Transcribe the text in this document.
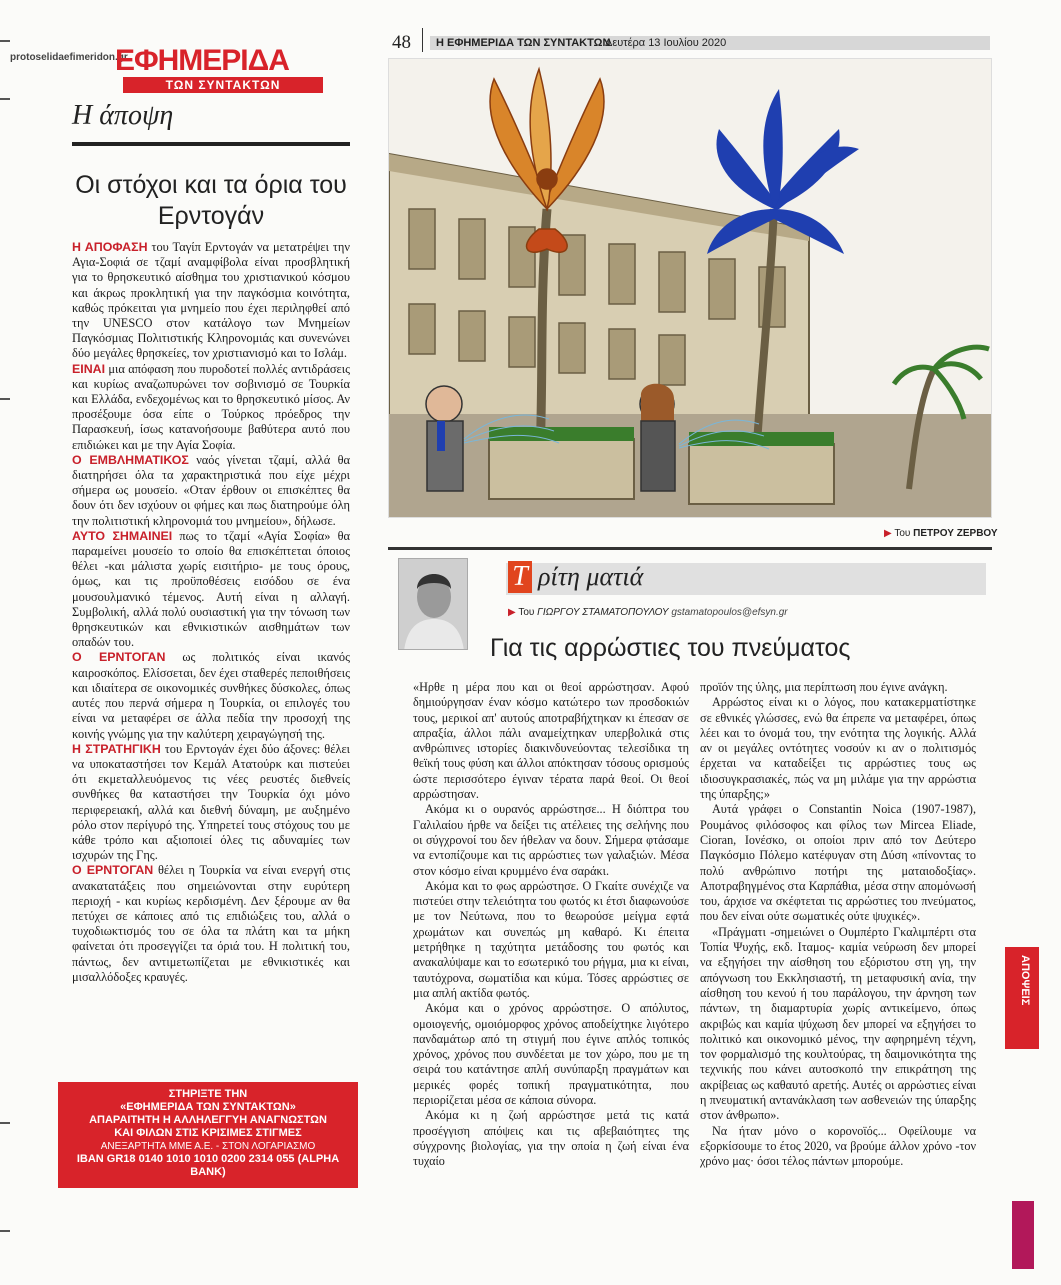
protoselidaefimeridon.gr
ΕΦΗΜΕΡΙΔΑ
ΤΩΝ ΣΥΝΤΑΚΤΩΝ
Η άποψη
Οι στόχοι και τα όρια του Ερντογάν

Η ΑΠΟΦΑΣΗ του Ταγίπ Ερντογάν να μετατρέψει την Αγια-Σοφιά σε τζαμί αναμφίβολα είναι προσβλητική για το θρησκευτικό αίσθημα του χριστιανικού κόσμου και άκρως προκλητική για την παγκόσμια κοινότητα, καθώς πρόκειται για μνημείο που έχει περιληφθεί από την UNESCO στον κατάλογο των Μνημείων Παγκόσμιας Πολιτιστικής Κληρονομιάς και συνενώνει δύο μεγάλες θρησκείες, τον χριστιανισμό και το Ισλάμ.

ΕΙΝΑΙ μια απόφαση που πυροδοτεί πολλές αντιδράσεις και κυρίως αναζωπυρώνει τον σοβινισμό σε Τουρκία και Ελλάδα, ενδεχομένως και το θρησκευτικό μίσος. Αν προσέξουμε όσα είπε ο Τούρκος πρόεδρος την Παρασκευή, ίσως κατανοήσουμε βαθύτερα αυτό που επιδιώκει και με την Αγία Σοφία.

Ο ΕΜΒΛΗΜΑΤΙΚΟΣ ναός γίνεται τζαμί, αλλά θα διατηρήσει όλα τα χαρακτηριστικά που είχε μέχρι σήμερα ως μουσείο. «Οταν έρθουν οι επισκέπτες θα δουν ότι δεν ισχύουν οι φήμες και πως διατηρούμε όλη την πολιτιστική κληρονομιά του μνημείου», δήλωσε.

ΑΥΤΟ ΣΗΜΑΙΝΕΙ πως το τζαμί «Αγία Σοφία» θα παραμείνει μουσείο το οποίο θα επισκέπτεται όποιος θέλει -και μάλιστα χωρίς εισιτήριο- με τους όρους, όμως, και τις προϋποθέσεις εισόδου σε ένα μουσουλμανικό τέμενος. Αυτή είναι η αλλαγή. Συμβολική, αλλά πολύ ουσιαστική για την τόνωση των θρησκευτικών και εθνικιστικών αισθημάτων των οπαδών του.

Ο ΕΡΝΤΟΓΑΝ ως πολιτικός είναι ικανός καιροσκόπος. Ελίσσεται, δεν έχει σταθερές πεποιθήσεις και ιδιαίτερα σε οικονομικές συνθήκες δύσκολες, όπως αυτές που περνά σήμερα η Τουρκία, οι επιλογές του είναι να μεταφέρει σε άλλα πεδία την προσοχή της κοινής γνώμης για την καλύτερη χειραγώγησή της.

Η ΣΤΡΑΤΗΓΙΚΗ του Ερντογάν έχει δύο άξονες: θέλει να υποκαταστήσει τον Κεμάλ Ατατούρκ και πιστεύει ότι εκμεταλλευόμενος τις νέες ρευστές διεθνείς συνθήκες θα καταστήσει την Τουρκία όχι μόνο περιφερειακή, αλλά και διεθνή δύναμη, με αυξημένο ρόλο στον περίγυρό της. Υπηρετεί τους στόχους του με κάθε τρόπο και αξιοποιεί όλες τις αδυναμίες των ισχυρών της Γης.

Ο ΕΡΝΤΟΓΑΝ θέλει η Τουρκία να είναι ενεργή στις ανακατατάξεις που σημειώνονται στην ευρύτερη περιοχή - και κυρίως κερδισμένη. Δεν ξέρουμε αν θα πετύχει σε κάποιες από τις επιδιώξεις του, αλλά ο τυχοδιωκτισμός του σε όλα τα πλάτη και τα μήκη φαίνεται ότι προσεγγίζει τα όριά του. Η πολιτική του, πάντως, δεν αντιμετωπίζεται με εθνικιστικές και μισαλλόδοξες κραυγές.

ΣΤΗΡΙΞΤΕ ΤΗΝ
«ΕΦΗΜΕΡΙΔΑ ΤΩΝ ΣΥΝΤΑΚΤΩΝ»
ΑΠΑΡΑΙΤΗΤΗ Η ΑΛΛΗΛΕΓΓΥΗ ΑΝΑΓΝΩΣΤΩΝ
ΚΑΙ ΦΙΛΩΝ ΣΤΙΣ ΚΡΙΣΙΜΕΣ ΣΤΙΓΜΕΣ
ΑΝΕΞΑΡΤΗΤΑ ΜΜΕ Α.Ε. - ΣΤΟΝ ΛΟΓΑΡΙΑΣΜΟ
IBAN GR18 0140 1010 1010 0200 2314 055 (ALPHA BANK)
48 Η ΕΦΗΜΕΡΙΔΑ ΤΩΝ ΣΥΝΤΑΚΤΩΝ
Δευτέρα 13 Ιουλίου 2020
▶ Του ΠΕΤΡΟΥ ΖΕΡΒΟΥ
Τ ρίτη ματιά
▶ Του ΓΙΩΡΓΟΥ ΣΤΑΜΑΤΟΠΟΥΛΟΥ gstamatopoulos@efsyn.gr
Για τις αρρώστιες του πνεύματος

«Ηρθε η μέρα που και οι θεοί αρρώστησαν. Αφού δημιούργησαν έναν κόσμο κατώτερο των προσδοκιών τους, μερικοί απ' αυτούς αποτραβήχτηκαν κι έπεσαν σε απραξία, άλλοι πάλι αναμείχτηκαν υπερβολικά στις ανθρώπινες ιστορίες διακινδυνεύοντας τελεσίδικα τη θεϊκή τους φύση και άλλοι απόκτησαν τόσους ορισμούς ώστε περισσότερο έγιναν τέρατα παρά θεοί. Οι θεοί αρρώστησαν.

Ακόμα κι ο ουρανός αρρώστησε... Η διόπτρα του Γαλιλαίου ήρθε να δείξει τις ατέλειες της σελήνης που οι σύγχρονοί του δεν ήθελαν να δουν. Σήμερα φτάσαμε να εντοπίζουμε και τις αρρώστιες των γαλαξιών. Μέσα στον κόσμο είναι κρυμμένο ένα σαράκι.

Ακόμα και το φως αρρώστησε. Ο Γκαίτε συνέχιζε να πιστεύει στην τελειότητα του φωτός κι έτσι διαφωνούσε με τον Νεύτωνα, που το θεωρούσε μείγμα εφτά χρωμάτων και συνεπώς μη καθαρό. Κι έπειτα μετρήθηκε η ταχύτητα μετάδοσης του φωτός και ανακαλύψαμε και το εσωτερικό του ρήγμα, μια κι είναι, ταυτόχρονα, σωματίδια και κύμα. Τόσες αρρώστιες σε μια απλή ακτίδα φωτός.

Ακόμα και ο χρόνος αρρώστησε. Ο απόλυτος, ομοιογενής, ομοιόμορφος χρόνος αποδείχτηκε λιγότερο πανδαμάτωρ από τη στιγμή που έγινε απλός τοπικός χρόνος, χρόνος που συνδέεται με τον χώρο, που με τη σειρά του κατάντησε απλή συνύπαρξη πραγμάτων και μερικές φορές τοπική πραγματικότητα, που περιορίζεται μέσα σε κάποια σύνορα.

Ακόμα κι η ζωή αρρώστησε μετά τις κατά προσέγγιση απόψεις και τις αβεβαιότητες της σύγχρονης βιολογίας, για την οποία η ζωή είναι ένα τυχαίο

προϊόν της ύλης, μια περίπτωση που έγινε ανάγκη.

Αρρώστος είναι κι ο λόγος, που κατακερματίστηκε σε εθνικές γλώσσες, ενώ θα έπρεπε να μεταφέρει, όπως λέει και το όνομά του, την ενότητα της λογικής. Αλλά αν οι μεγάλες οντότητες νοσούν κι αν ο πολιτισμός έρχεται να καταδείξει τις αρρώστιες τους ως ιδιοσυγκρασιακές, πώς να μη μιλάμε για την αρρώστια της ύπαρξης;»

Αυτά γράφει ο Constantin Noica (1907-1987), Ρουμάνος φιλόσοφος και φίλος των Mircea Eliade, Cioran, Ιονέσκο, οι οποίοι πριν από τον Δεύτερο Παγκόσμιο Πόλεμο κατέφυγαν στη Δύση «πίνοντας το πολύ ανθρώπινο ποτήρι της ματαιοδοξίας». Αποτραβηγμένος στα Καρπάθια, μέσα στην απομόνωσή του, άρχισε να σκέφτεται τις αρρώστιες του πνεύματος, που δεν είναι ούτε σωματικές ούτε ψυχικές».

«Πράγματι -σημειώνει ο Ουμπέρτο Γκαλιμπέρτι στα Τοπία Ψυχής, εκδ. Ιταμος- καμία νεύρωση δεν μπορεί να εξηγήσει την αίσθηση του εξόριστου στη γη, την απόγνωση του Εκκλησιαστή, τη μεταφυσική ανία, την αίσθηση του κενού ή του παράλογου, την άρνηση των πάντων, τη διαμαρτυρία χωρίς αντικείμενο, όπως ακριβώς και καμία ψύχωση δεν μπορεί να εξηγήσει το πολιτικό και οικονομικό μένος, την αφηρημένη τέχνη, τον φορμαλισμό της κουλτούρας, τη δαιμονικότητα της τεχνικής που κάνει αυτοσκοπό την επικράτηση της ακρίβειας ως καθαυτό αρετής. Αυτές οι αρρώστιες είναι η πνευματική αντανάκλαση των ασθενειών της ύπαρξης στον άνθρωπο».

Να ήταν μόνο ο κορονοϊός... Οφείλουμε να εξορκίσουμε το έτος 2020, να βρούμε άλλον χρόνο -τον χρόνο μας· όσοι τέλος πάντων μπορούμε.

ΑΠΟΨΕΙΣ
